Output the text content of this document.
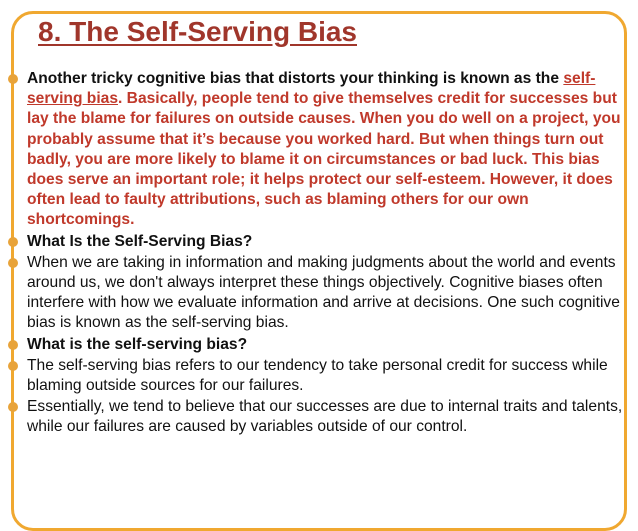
8. The Self-Serving Bias
Another tricky cognitive bias that distorts your thinking is known as the self-serving bias. Basically, people tend to give themselves credit for successes but lay the blame for failures on outside causes. When you do well on a project, you probably assume that it’s because you worked hard. But when things turn out badly, you are more likely to blame it on circumstances or bad luck. This bias does serve an important role; it helps protect our self-esteem. However, it does often lead to faulty attributions, such as blaming others for our own shortcomings.
What Is the Self-Serving Bias?
When we are taking in information and making judgments about the world and events around us, we don't always interpret these things objectively. Cognitive biases often interfere with how we evaluate information and arrive at decisions. One such cognitive bias is known as the self-serving bias.
What is the self-serving bias?
The self-serving bias refers to our tendency to take personal credit for success while blaming outside sources for our failures.
Essentially, we tend to believe that our successes are due to internal traits and talents, while our failures are caused by variables outside of our control.
